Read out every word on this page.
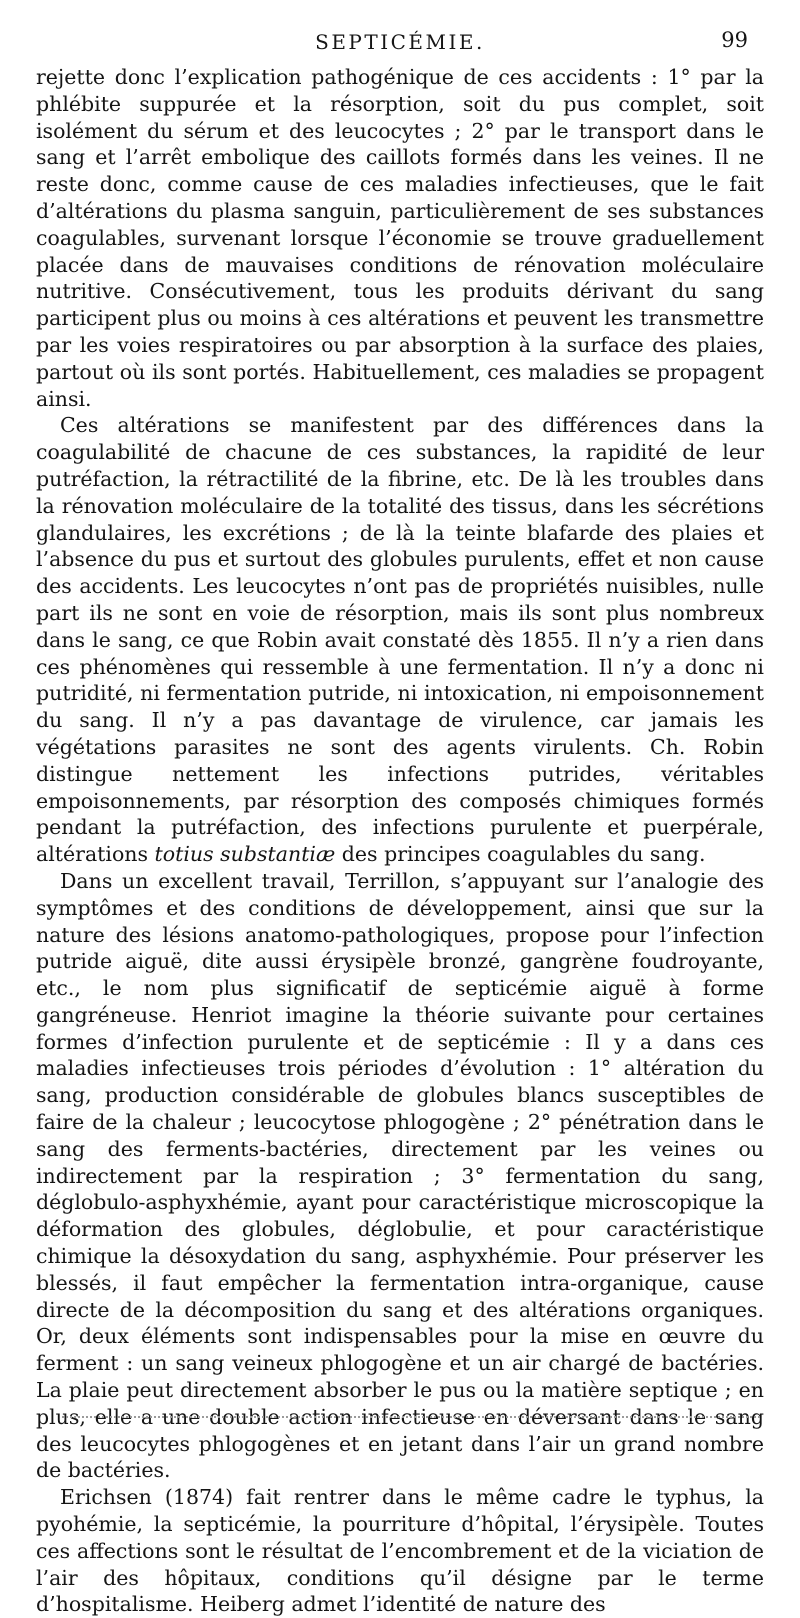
SEPTICÉMIE.	99

rejette donc l’explication pathogénique de ces accidents : 1° par la phlébite suppurée et la résorption, soit du pus complet, soit isolément du sérum et des leucocytes ; 2° par le transport dans le sang et l’arrêt embolique des caillots formés dans les veines. Il ne reste donc, comme cause de ces maladies infectieuses, que le fait d’altérations du plasma sanguin, particulièrement de ses substances coagulables, survenant lorsque l’économie se trouve graduellement placée dans de mauvaises conditions de rénovation moléculaire nutritive. Consécutivement, tous les produits dérivant du sang participent plus ou moins à ces altérations et peuvent les transmettre par les voies respiratoires ou par absorption à la surface des plaies, partout où ils sont portés. Habituellement, ces maladies se propagent ainsi.

Ces altérations se manifestent par des différences dans la coagulabilité de chacune de ces substances, la rapidité de leur putréfaction, la rétractilité de la fibrine, etc. De là les troubles dans la rénovation moléculaire de la totalité des tissus, dans les sécrétions glandulaires, les excrétions ; de là la teinte blafarde des plaies et l’absence du pus et surtout des globules purulents, effet et non cause des accidents. Les leucocytes n’ont pas de propriétés nuisibles, nulle part ils ne sont en voie de résorption, mais ils sont plus nombreux dans le sang, ce que Robin avait constaté dès 1855. Il n’y a rien dans ces phénomènes qui ressemble à une fermentation. Il n’y a donc ni putridité, ni fermentation putride, ni intoxication, ni empoisonnement du sang. Il n’y a pas davantage de virulence, car jamais les végétations parasites ne sont des agents virulents. Ch. Robin distingue nettement les infections putrides, véritables empoisonnements, par résorption des composés chimiques formés pendant la putréfaction, des infections purulente et puerpérale, altérations totius substantiæ des principes coagulables du sang.

Dans un excellent travail, Terrillon, s’appuyant sur l’analogie des symptômes et des conditions de développement, ainsi que sur la nature des lésions anatomo-pathologiques, propose pour l’infection putride aiguë, dite aussi érysipèle bronzé, gangrène foudroyante, etc., le nom plus significatif de septicémie aiguë à forme gangréneuse. Henriot imagine la théorie suivante pour certaines formes d’infection purulente et de septicémie : Il y a dans ces maladies infectieuses trois périodes d’évolution : 1° altération du sang, production considérable de globules blancs susceptibles de faire de la chaleur ; leucocytose phlogogène ; 2° pénétration dans le sang des ferments-bactéries, directement par les veines ou indirectement par la respiration ; 3° fermentation du sang, déglobulo-asphyxhémie, ayant pour caractéristique microscopique la déformation des globules, déglobulie, et pour caractéristique chimique la désoxydation du sang, asphyxhémie. Pour préserver les blessés, il faut empêcher la fermentation intra-organique, cause directe de la décomposition du sang et des altérations organiques. Or, deux éléments sont indispensables pour la mise en œuvre du ferment : un sang veineux phlogogène et un air chargé de bactéries. La plaie peut directement absorber le pus ou la matière septique ; en plus, elle a une double action infectieuse en déversant dans le sang des leucocytes phlogogènes et en jetant dans l’air un grand nombre de bactéries.

Erichsen (1874) fait rentrer dans le même cadre le typhus, la pyohémie, la septicémie, la pourriture d’hôpital, l’érysipèle. Toutes ces affections sont le résultat de l’encombrement et de la viciation de l’air des hôpitaux, conditions qu’il désigne par le terme d’hospitalisme. Heiberg admet l’identité de nature des
